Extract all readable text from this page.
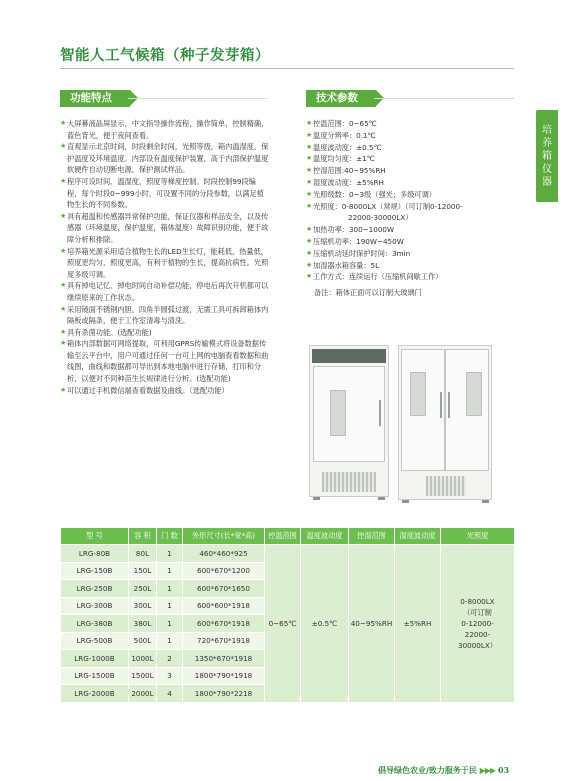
智能人工气候箱（种子发芽箱）
功能特点	技术参数
培
养
箱
仪
器

★ 大屏幕液晶屏显示，中文指导操作流程，操作简单，控制精确，蓝色背光，便于夜间查看。

★ 直观显示北京时间，时段剩余时间，光照等级，箱内温湿度，保护温度及环境温度。内部设有温度保护装置，高于内部保护温度软硬件自动切断电源，保护测试样品。

★ 程序可设时间、温湿度，照度等梯度控制。时段控制99段编程，每个时段0~999小时，可设置不同的分段参数，以满足植物生长的不同参数。

★ 具有超温和传感器异常保护功能，保证仪器和样品安全，以及传感器（环境温度，保护温度，箱体温度）故障识别功能，便于故障分析和排除。

★ 培养箱光源采用适合植物生长的LED生长灯，能耗低，热量低，照度更均匀，照度更高，有利于植物的生长，提高抗病性。光照度多级可调。

★ 具有掉电记忆、掉电时间自动补偿功能，停电后再次开机都可以继续原来的工作状态。

★ 采用镜面不锈钢内胆，四角半圆弧过渡，无需工具可拆卸箱体内隔板或隔条，便于工作室清毒与清洗。

★ 具有杀菌功能。(选配功能)

★ 箱体内部数据可网络提取，可利用GPRS传输模式将设备数据传输至云平台中，用户可通过任何一台可上网的电脑查看数据和曲线图，曲线和数据都可导出到本地电脑中进行存储，打印和分析，以便对不同种苗生长规律进行分析。(选配功能)

★ 可以通过手机微信端查看数据及曲线。（选配功能）

★ 控温范围：0~65℃
★ 温度分辨率：0.1℃
★ 温度波动度：±0.5℃
★ 温度均匀度：±1℃
★ 控湿范围:40~95%RH
★ 湿度波动度：±5%RH
★ 光照级数：0~3级（强光；多级可调）
★ 光照度：0-8000LX（常规）（可订制0-12000-
22000-30000LX）
★ 加热功率：300~1000W
★ 压缩机功率：190W~450W
★ 压缩机动延时保护时间：3min
★ 加湿器水箱容量：5L
★ 工作方式：连续运行（压缩机间歇工作）
备注：箱体正面可以订制大玻璃门
型 号	容 积	门 数	外形尺寸(长*宽*高)	控温范围	温度波动度	控湿范围	湿度波动度	光照度
LRG-80B	80L	1	460*460*925	0~65℃	±0.5℃	40~95%RH	±5%RH	0-8000LX
（可订制
0-12000-
22000-
30000LX）

LRG-150B	150L	1	600*670*1200					
LRG-250B	250L	1	600*670*1650					
LRG-300B	300L	1	600*600*1918					
LRG-380B	380L	1	600*670*1918					
LRG-500B	500L	1	720*670*1918					
LRG-1000B	1000L	2	1350*670*1918					
LRG-1500B	1500L	3	1800*790*1918					
LRG-2000B	2000L	4	1800*790*2218					
倡导绿色农业/致力服务于民 ▶▶▶ 03
